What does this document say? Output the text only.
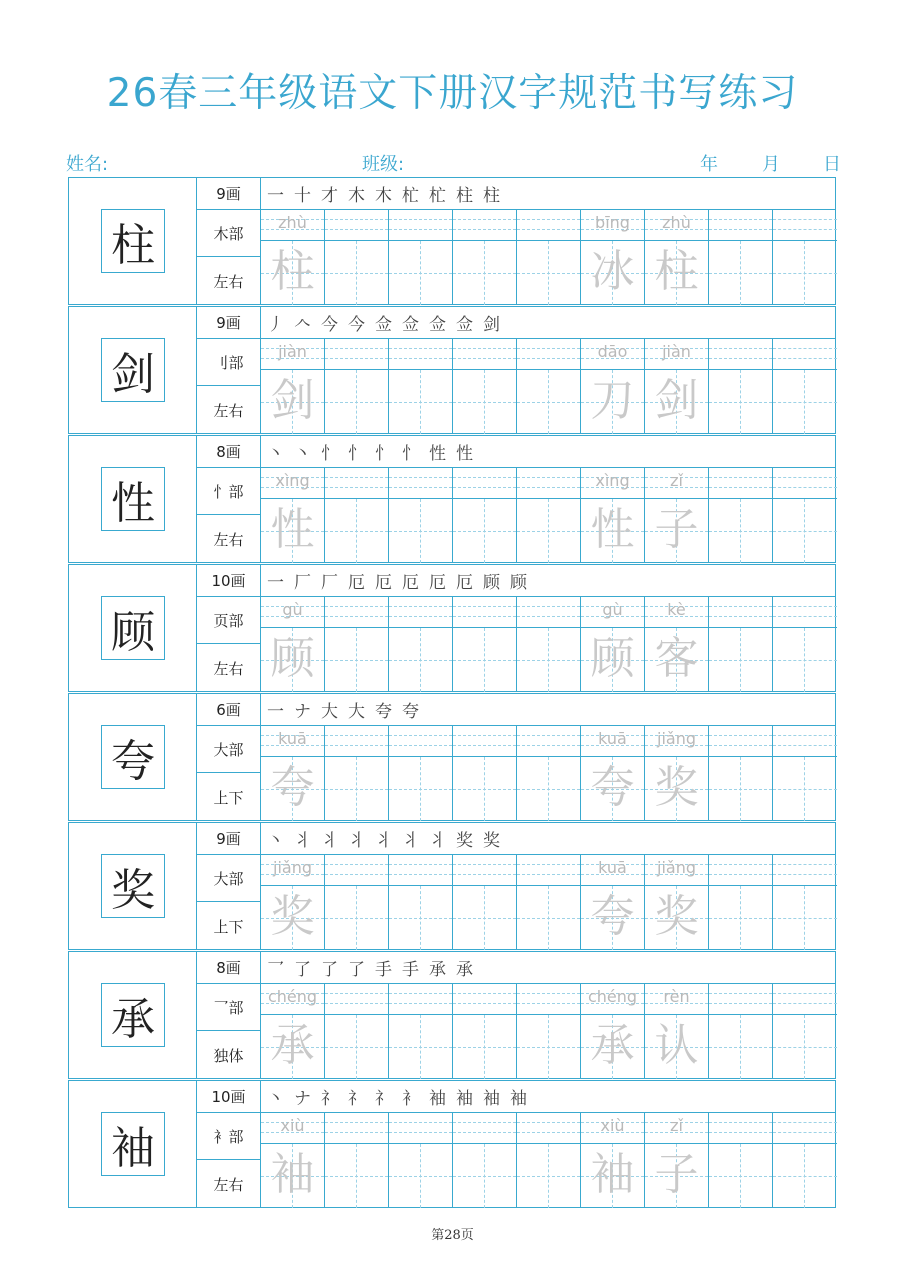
26春三年级语文下册汉字规范书写练习
姓名:	班级:	年 月 日
柱
9画
木部
左右
一 十 才 木 木 杧 杧 柱 柱
zhù
柱
bīng
冰
zhù
柱
剑
9画
刂部
左右
丿 𠆢 今 今 佥 佥 佥 佥 剑
jiàn
剑
dāo
刀
jiàn
剑
性
8画
忄部
左右
丶 丶 忄 忄 忄 忄 性 性
xìng
性
xìng
性
zǐ
子
顾
10画
页部
左右
一 厂 厂 厄 厄 厄 厄 厄 顾 顾
gù
顾
gù
顾
kè
客
夸
6画
大部
上下
一 ナ 大 大 夸 夸
kuā
夸
kuā
夸
jiǎng
奖
奖
9画
大部
上下
丶 丬 丬 丬 丬 丬 丬 奖 奖
jiǎng
奖
kuā
夸
jiǎng
奖
承
8画
乛部
独体
乛 了 了 了 手 手 承 承
chéng
承
chéng
承
rèn
认
袖
10画
衤部
左右
丶 ナ 礻 礻 礻 衤 袖 袖 袖 袖
xiù
袖
xiù
袖
zǐ
子
第28页
